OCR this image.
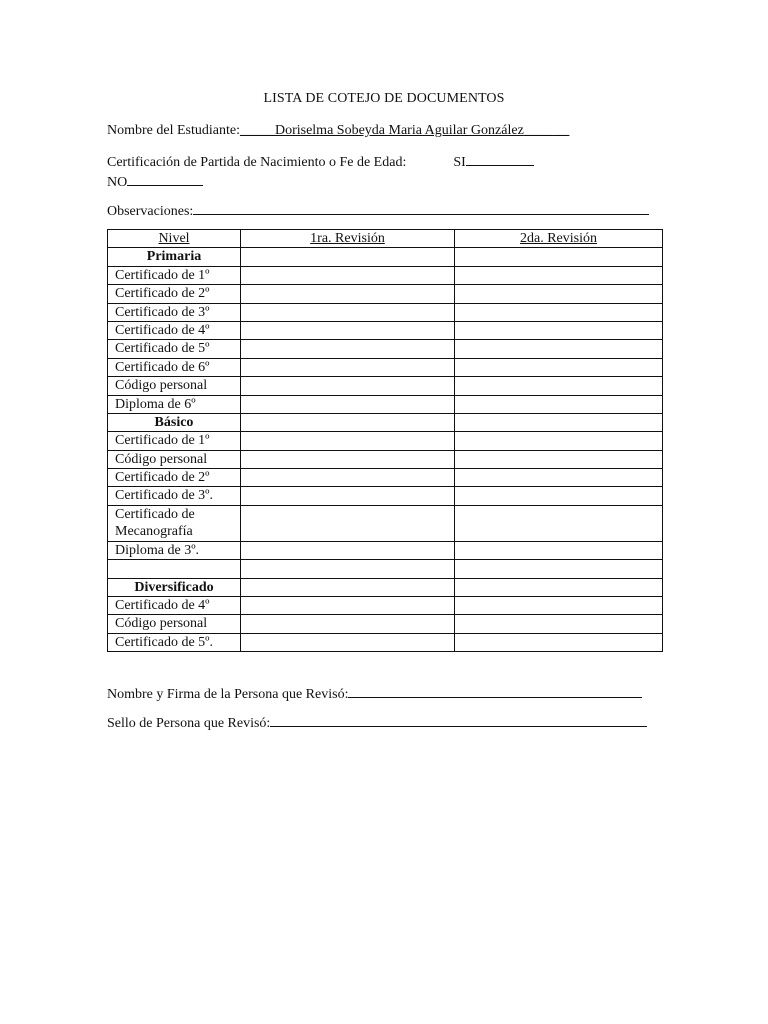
LISTA DE COTEJO DE DOCUMENTOS
Nombre del Estudiante:_____Doriselma Sobeyda Maria Aguilar González____ __
Certificación de Partida de Nacimiento o Fe de Edad:	SI
NO
Observaciones:
Nivel	1ra. Revisión	2da. Revisión
Primaria		
Certificado de 1º		
Certificado de 2º		
Certificado de 3º		
Certificado de 4º		
Certificado de 5º		
Certificado de 6º		
Código personal		
Diploma de 6º		
Básico		
Certificado de 1º		
Código personal		
Certificado de 2º		
Certificado de 3º.		
Certificado de Mecanografía		
Diploma de 3º.		

Diversificado		
Certificado de 4º		
Código personal		
Certificado de 5º.		
Nombre y Firma de la Persona que Revisó:
Sello de Persona que Revisó:
